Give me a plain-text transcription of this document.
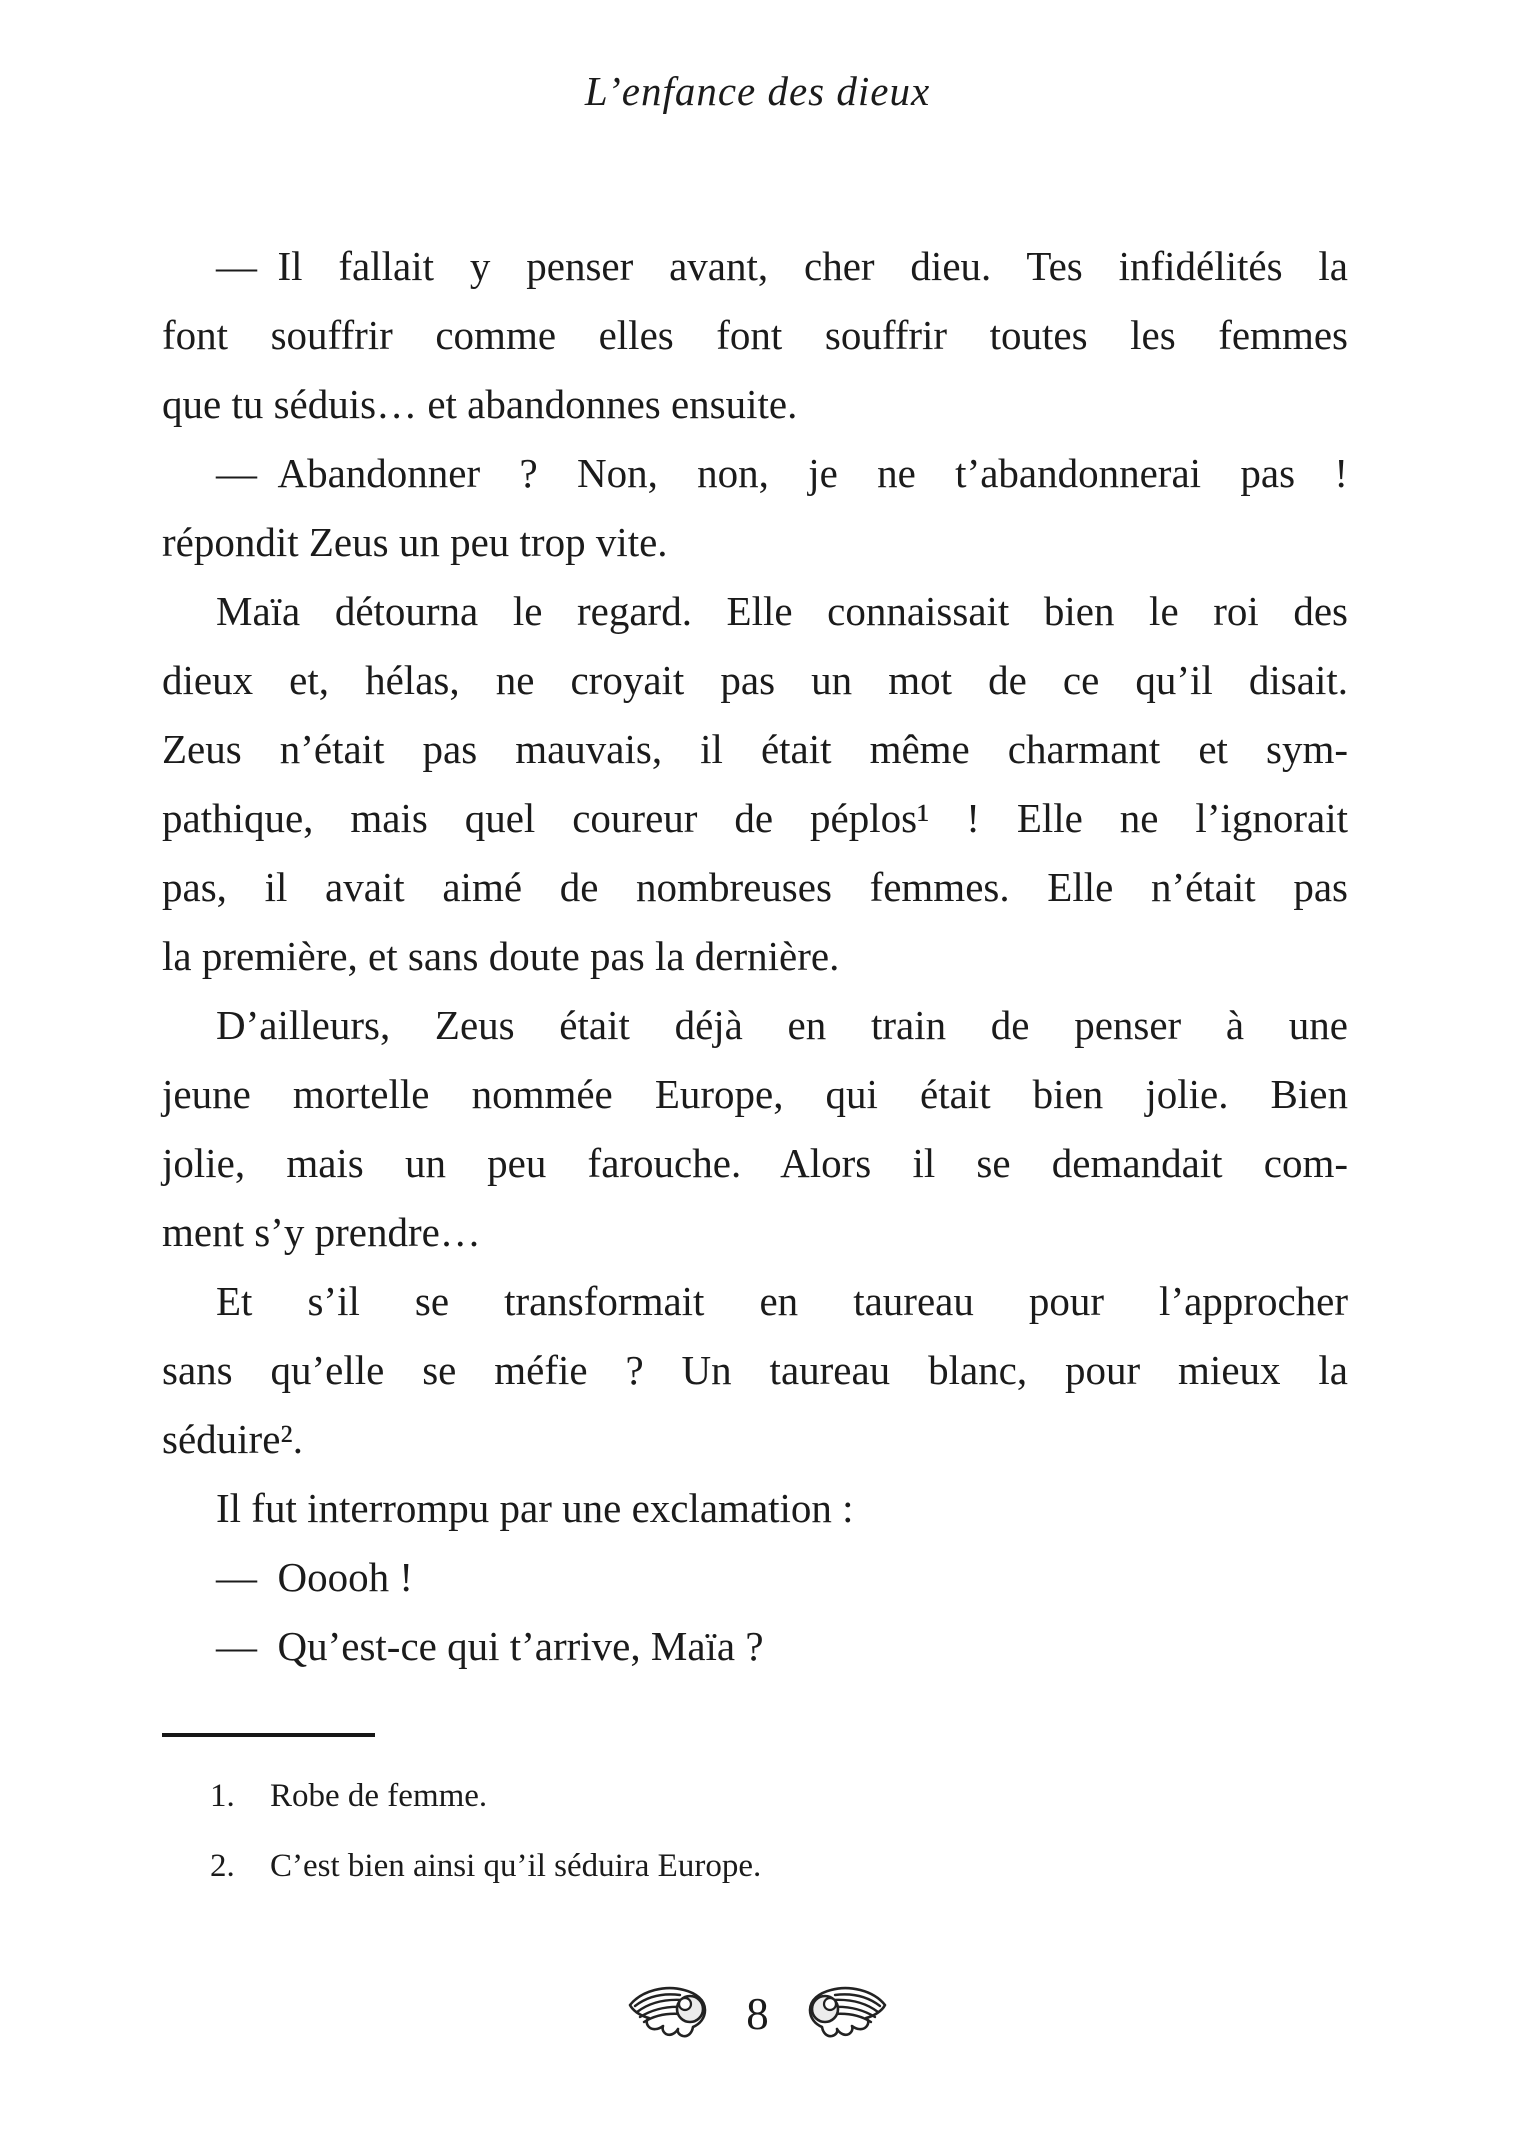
L’enfance des dieux
— Il fallait y penser avant, cher dieu. Tes infidélités la
font souffrir comme elles font souffrir toutes les femmes
que tu séduis… et abandonnes ensuite.
— Abandonner ? Non, non, je ne t’abandonnerai pas !
répondit Zeus un peu trop vite.
Maïa détourna le regard. Elle connaissait bien le roi des
dieux et, hélas, ne croyait pas un mot de ce qu’il disait.
Zeus n’était pas mauvais, il était même charmant et sym-
pathique, mais quel coureur de péplos¹ ! Elle ne l’ignorait
pas, il avait aimé de nombreuses femmes. Elle n’était pas
la première, et sans doute pas la dernière.
D’ailleurs, Zeus était déjà en train de penser à une
jeune mortelle nommée Europe, qui était bien jolie. Bien
jolie, mais un peu farouche. Alors il se demandait com-
ment s’y prendre…
Et s’il se transformait en taureau pour l’approcher
sans qu’elle se méfie ? Un taureau blanc, pour mieux la
séduire².
Il fut interrompu par une exclamation :
— Ooooh !
— Qu’est-ce qui t’arrive, Maïa ?
1.	Robe de femme.
2.	C’est bien ainsi qu’il séduira Europe.
8
